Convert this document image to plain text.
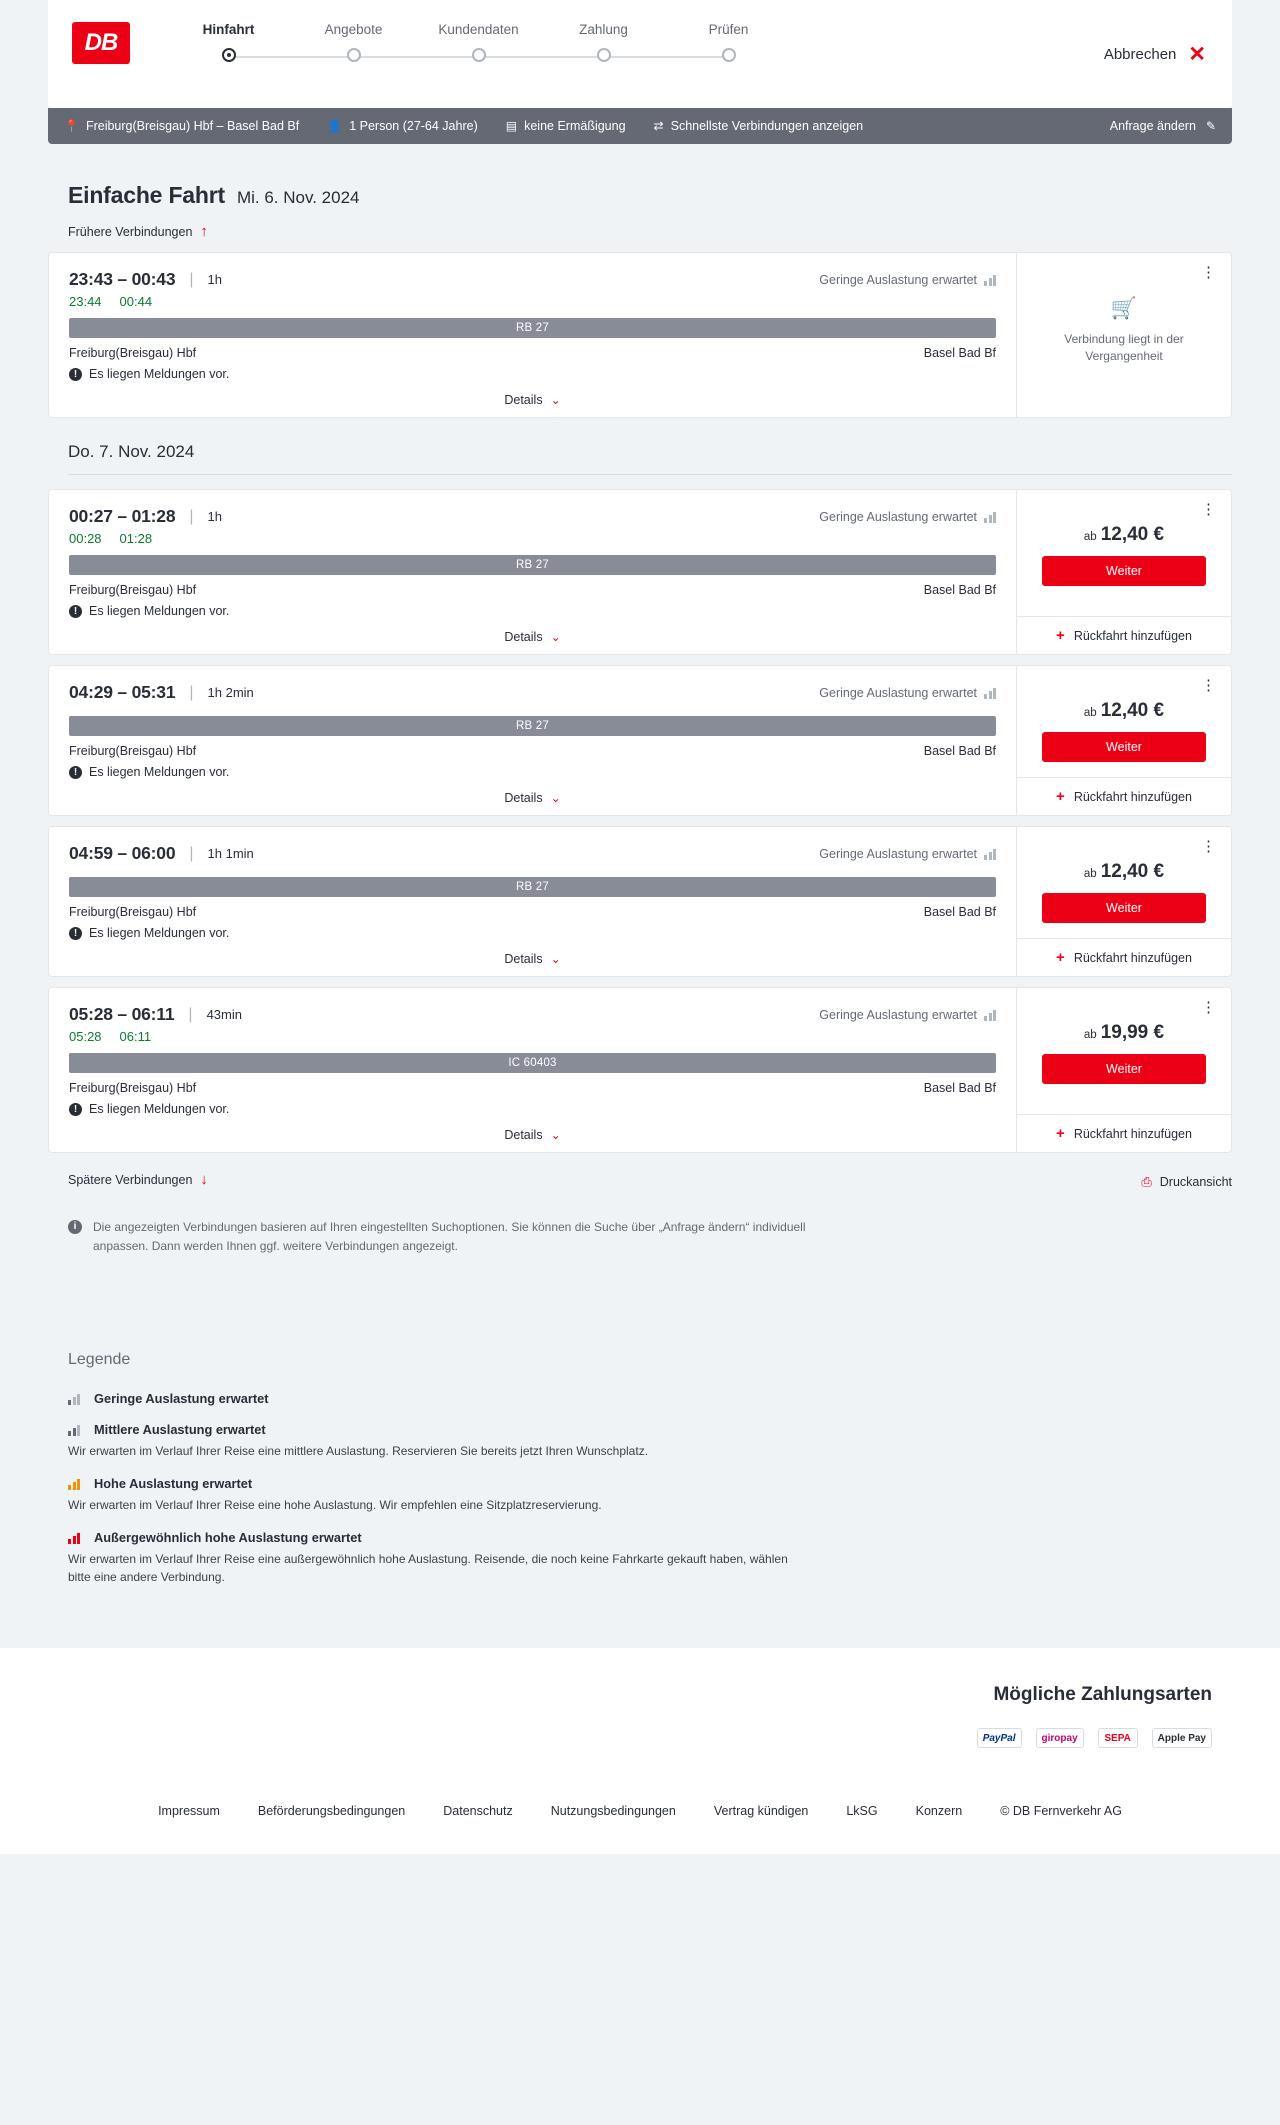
DB	Hinfahrt	Angebote	Kundendaten	Zahlung	Prüfen
Abbrechen ✕
📍 Freiburg(Breisgau) Hbf – Basel Bad Bf 👤 1 Person (27-64 Jahre) ▤ keine Ermäßigung ⇄ Schnellste Verbindungen anzeigen	Anfrage ändern ✎
Einfache Fahrt Mi. 6. Nov. 2024
Frühere Verbindungen ↑
23:43 – 00:43 | 1h	Geringe Auslastung erwartet
23:44 00:44
RB 27
Freiburg(Breisgau) Hbf	Basel Bad Bf
! Es liegen Meldungen vor.
Details ⌄
⋮
🛒
Verbindung liegt in der Vergangenheit
Do. 7. Nov. 2024
00:27 – 01:28 | 1h	Geringe Auslastung erwartet
00:28 01:28
RB 27
Freiburg(Breisgau) Hbf	Basel Bad Bf
! Es liegen Meldungen vor.
Details ⌄
⋮
ab 12,40 €
Weiter
+ Rückfahrt hinzufügen
04:29 – 05:31 | 1h 2min	Geringe Auslastung erwartet
RB 27
Freiburg(Breisgau) Hbf	Basel Bad Bf
! Es liegen Meldungen vor.
Details ⌄
⋮
ab 12,40 €
Weiter
+ Rückfahrt hinzufügen
04:59 – 06:00 | 1h 1min	Geringe Auslastung erwartet
RB 27
Freiburg(Breisgau) Hbf	Basel Bad Bf
! Es liegen Meldungen vor.
Details ⌄
⋮
ab 12,40 €
Weiter
+ Rückfahrt hinzufügen
05:28 – 06:11 | 43min	Geringe Auslastung erwartet
05:28 06:11
IC 60403
Freiburg(Breisgau) Hbf	Basel Bad Bf
! Es liegen Meldungen vor.
Details ⌄
⋮
ab 19,99 €
Weiter
+ Rückfahrt hinzufügen
Spätere Verbindungen ↓	⎙ Druckansicht
i	Die angezeigten Verbindungen basieren auf Ihren eingestellten Suchoptionen. Sie können die Suche über „Anfrage ändern“ individuell anpassen. Dann werden Ihnen ggf. weitere Verbindungen angezeigt.
Legende
Geringe Auslastung erwartet
Mittlere Auslastung erwartet
Wir erwarten im Verlauf Ihrer Reise eine mittlere Auslastung. Reservieren Sie bereits jetzt Ihren Wunschplatz.
Hohe Auslastung erwartet
Wir erwarten im Verlauf Ihrer Reise eine hohe Auslastung. Wir empfehlen eine Sitzplatzreservierung.
Außergewöhnlich hohe Auslastung erwartet
Wir erwarten im Verlauf Ihrer Reise eine außergewöhnlich hohe Auslastung. Reisende, die noch keine Fahrkarte gekauft haben, wählen bitte eine andere Verbindung.
Mögliche Zahlungsarten
PayPal	giropay	SEPA	Apple Pay
Impressum	Beförderungsbedingungen	Datenschutz	Nutzungsbedingungen	Vertrag kündigen	LkSG	Konzern	© DB Fernverkehr AG
